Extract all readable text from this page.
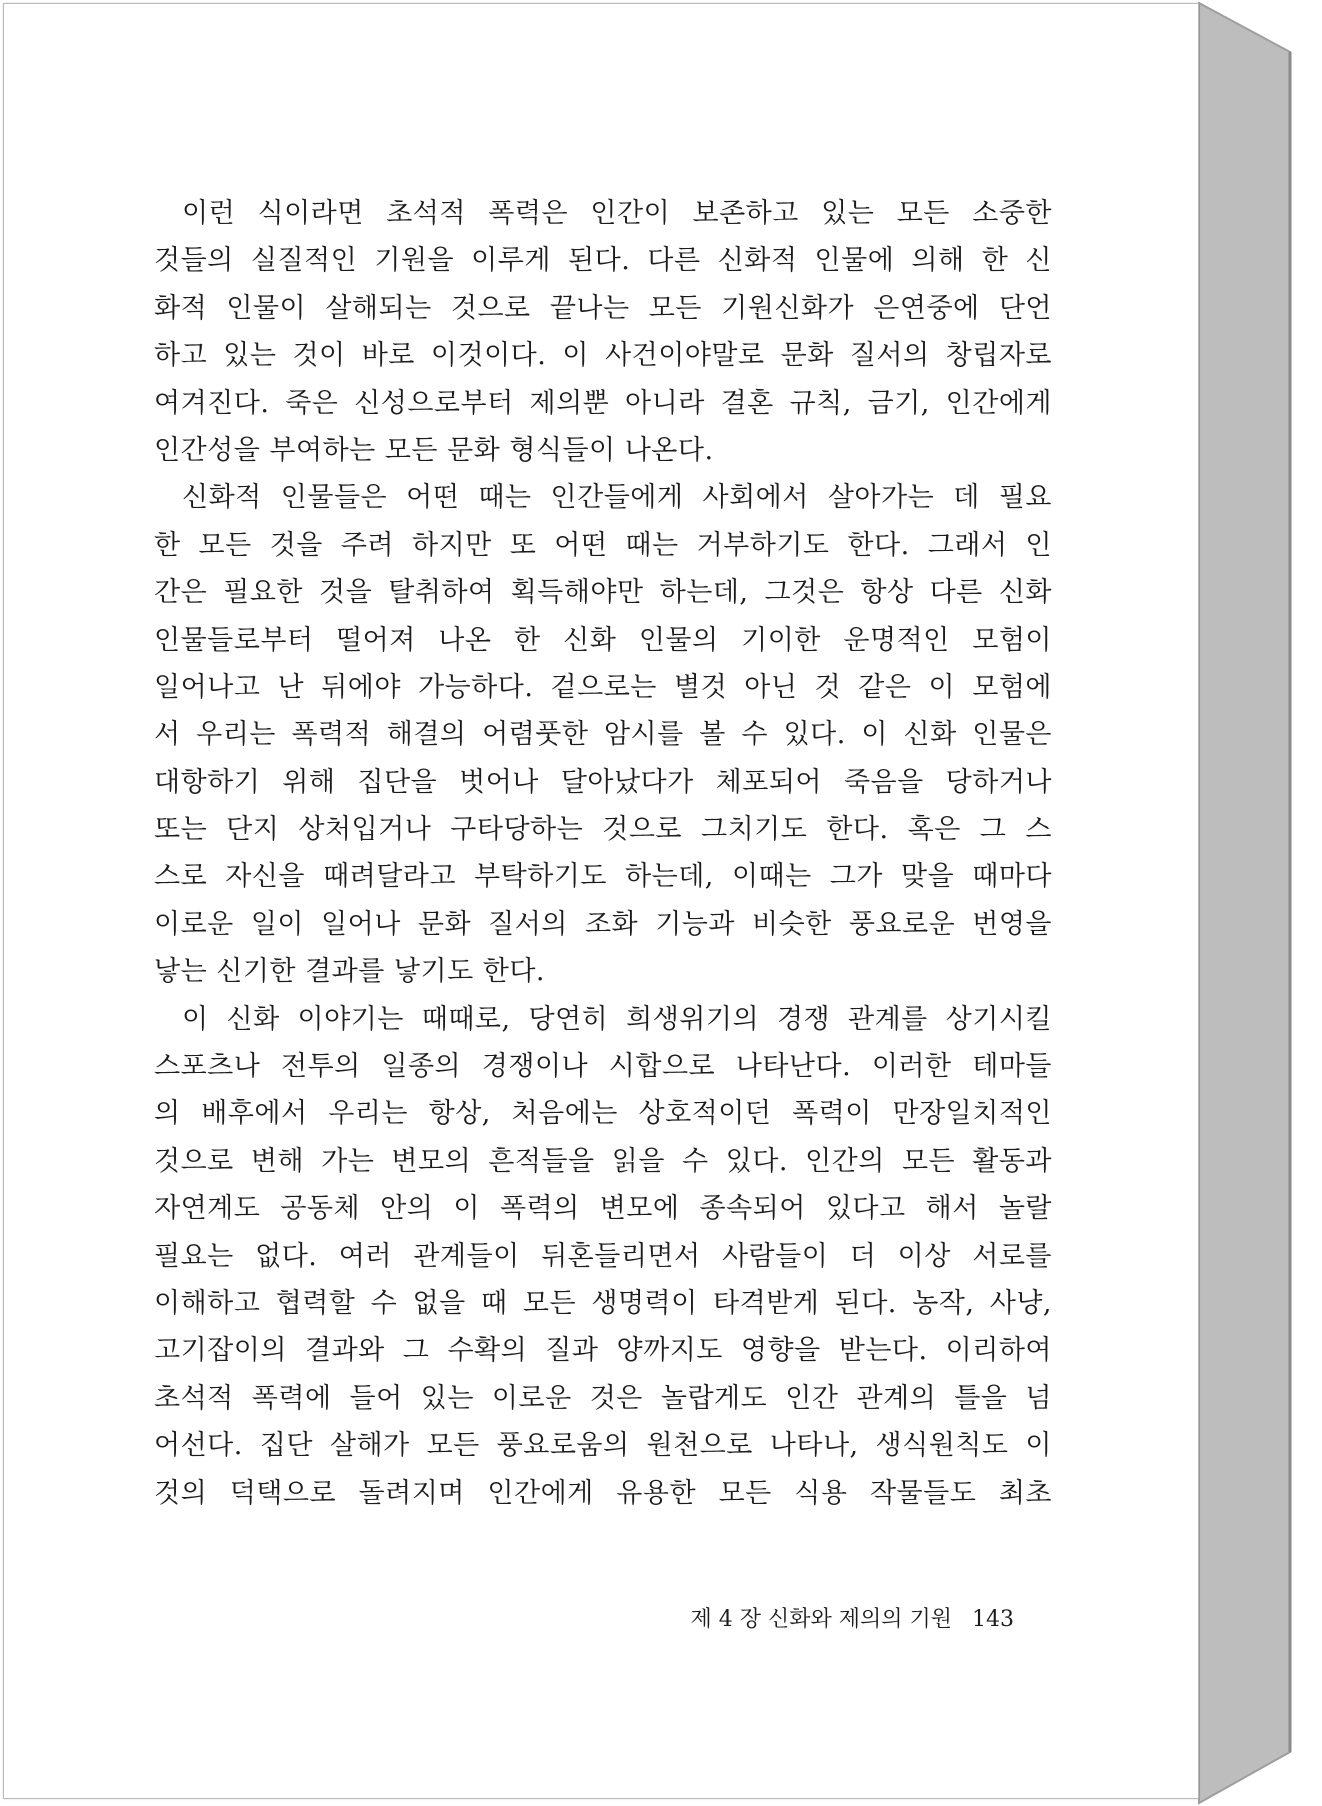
이런 식이라면 초석적 폭력은 인간이 보존하고 있는 모든 소중한
것들의 실질적인 기원을 이루게 된다. 다른 신화적 인물에 의해 한 신
화적 인물이 살해되는 것으로 끝나는 모든 기원신화가 은연중에 단언
하고 있는 것이 바로 이것이다. 이 사건이야말로 문화 질서의 창립자로
여겨진다. 죽은 신성으로부터 제의뿐 아니라 결혼 규칙, 금기, 인간에게
인간성을 부여하는 모든 문화 형식들이 나온다.
신화적 인물들은 어떤 때는 인간들에게 사회에서 살아가는 데 필요
한 모든 것을 주려 하지만 또 어떤 때는 거부하기도 한다. 그래서 인
간은 필요한 것을 탈취하여 획득해야만 하는데, 그것은 항상 다른 신화
인물들로부터 떨어져 나온 한 신화 인물의 기이한 운명적인 모험이
일어나고 난 뒤에야 가능하다. 겉으로는 별것 아닌 것 같은 이 모험에
서 우리는 폭력적 해결의 어렴풋한 암시를 볼 수 있다. 이 신화 인물은
대항하기 위해 집단을 벗어나 달아났다가 체포되어 죽음을 당하거나
또는 단지 상처입거나 구타당하는 것으로 그치기도 한다. 혹은 그 스
스로 자신을 때려달라고 부탁하기도 하는데, 이때는 그가 맞을 때마다
이로운 일이 일어나 문화 질서의 조화 기능과 비슷한 풍요로운 번영을
낳는 신기한 결과를 낳기도 한다.
이 신화 이야기는 때때로, 당연히 희생위기의 경쟁 관계를 상기시킬
스포츠나 전투의 일종의 경쟁이나 시합으로 나타난다. 이러한 테마들
의 배후에서 우리는 항상, 처음에는 상호적이던 폭력이 만장일치적인
것으로 변해 가는 변모의 흔적들을 읽을 수 있다. 인간의 모든 활동과
자연계도 공동체 안의 이 폭력의 변모에 종속되어 있다고 해서 놀랄
필요는 없다. 여러 관계들이 뒤혼들리면서 사람들이 더 이상 서로를
이해하고 협력할 수 없을 때 모든 생명력이 타격받게 된다. 농작, 사냥,
고기잡이의 결과와 그 수확의 질과 양까지도 영향을 받는다. 이리하여
초석적 폭력에 들어 있는 이로운 것은 놀랍게도 인간 관계의 틀을 넘
어선다. 집단 살해가 모든 풍요로움의 원천으로 나타나, 생식원칙도 이
것의 덕택으로 돌려지며 인간에게 유용한 모든 식용 작물들도 최초
제 4 장 신화와 제의의 기원 143
